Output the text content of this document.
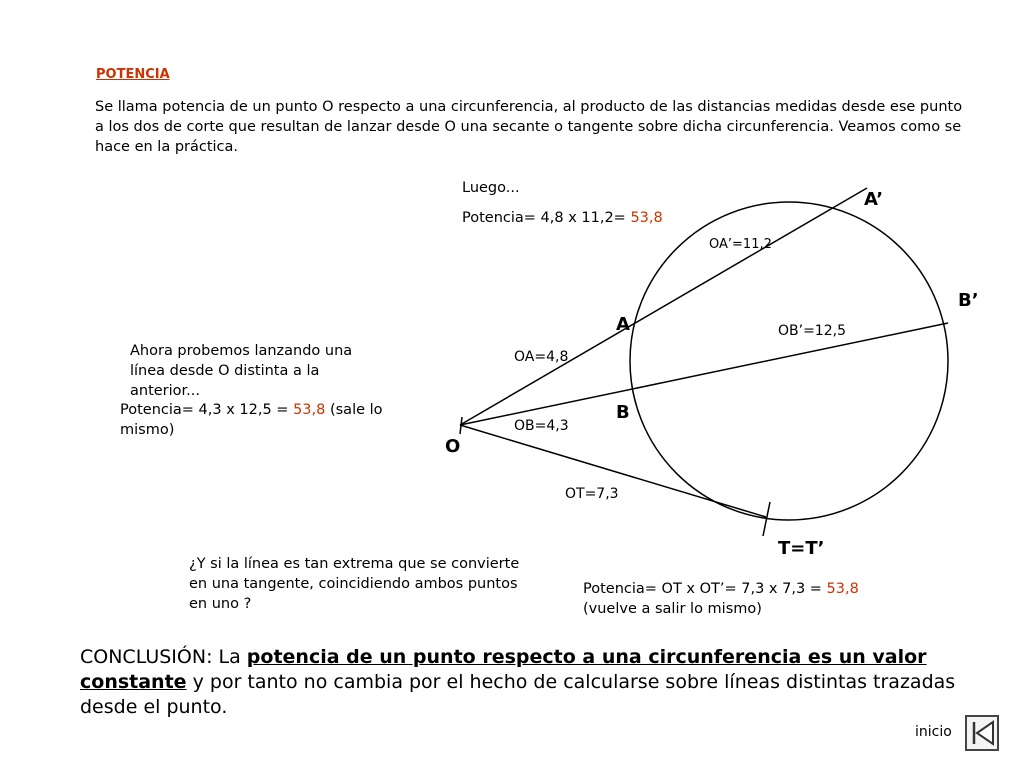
POTENCIA
Se llama potencia de un punto O respecto a una circunferencia, al producto de las distancias medidas desde ese punto a los dos de corte que resultan de lanzar desde O una secante o tangente sobre dicha circunferencia. Veamos como se hace en la práctica.
O
A
A’
B
B’
T=T’
OA=4,8
OA’=11,2
OB=4,3
OB’=12,5
OT=7,3
Luego...
Potencia= 4,8 x 11,2= 53,8
Ahora probemos lanzando una línea desde O distinta a la anterior...
Potencia= 4,3 x 12,5 = 53,8 (sale lo mismo)
¿Y si la línea es tan extrema que se convierte en una tangente, coincidiendo ambos puntos en uno ?
Potencia= OT x OT’= 7,3 x 7,3 = 53,8 (vuelve a salir lo mismo)
CONCLUSIÓN: La potencia de un punto respecto a una circunferencia es un valor constante y por tanto no cambia por el hecho de calcularse sobre líneas distintas trazadas desde el punto.
inicio
